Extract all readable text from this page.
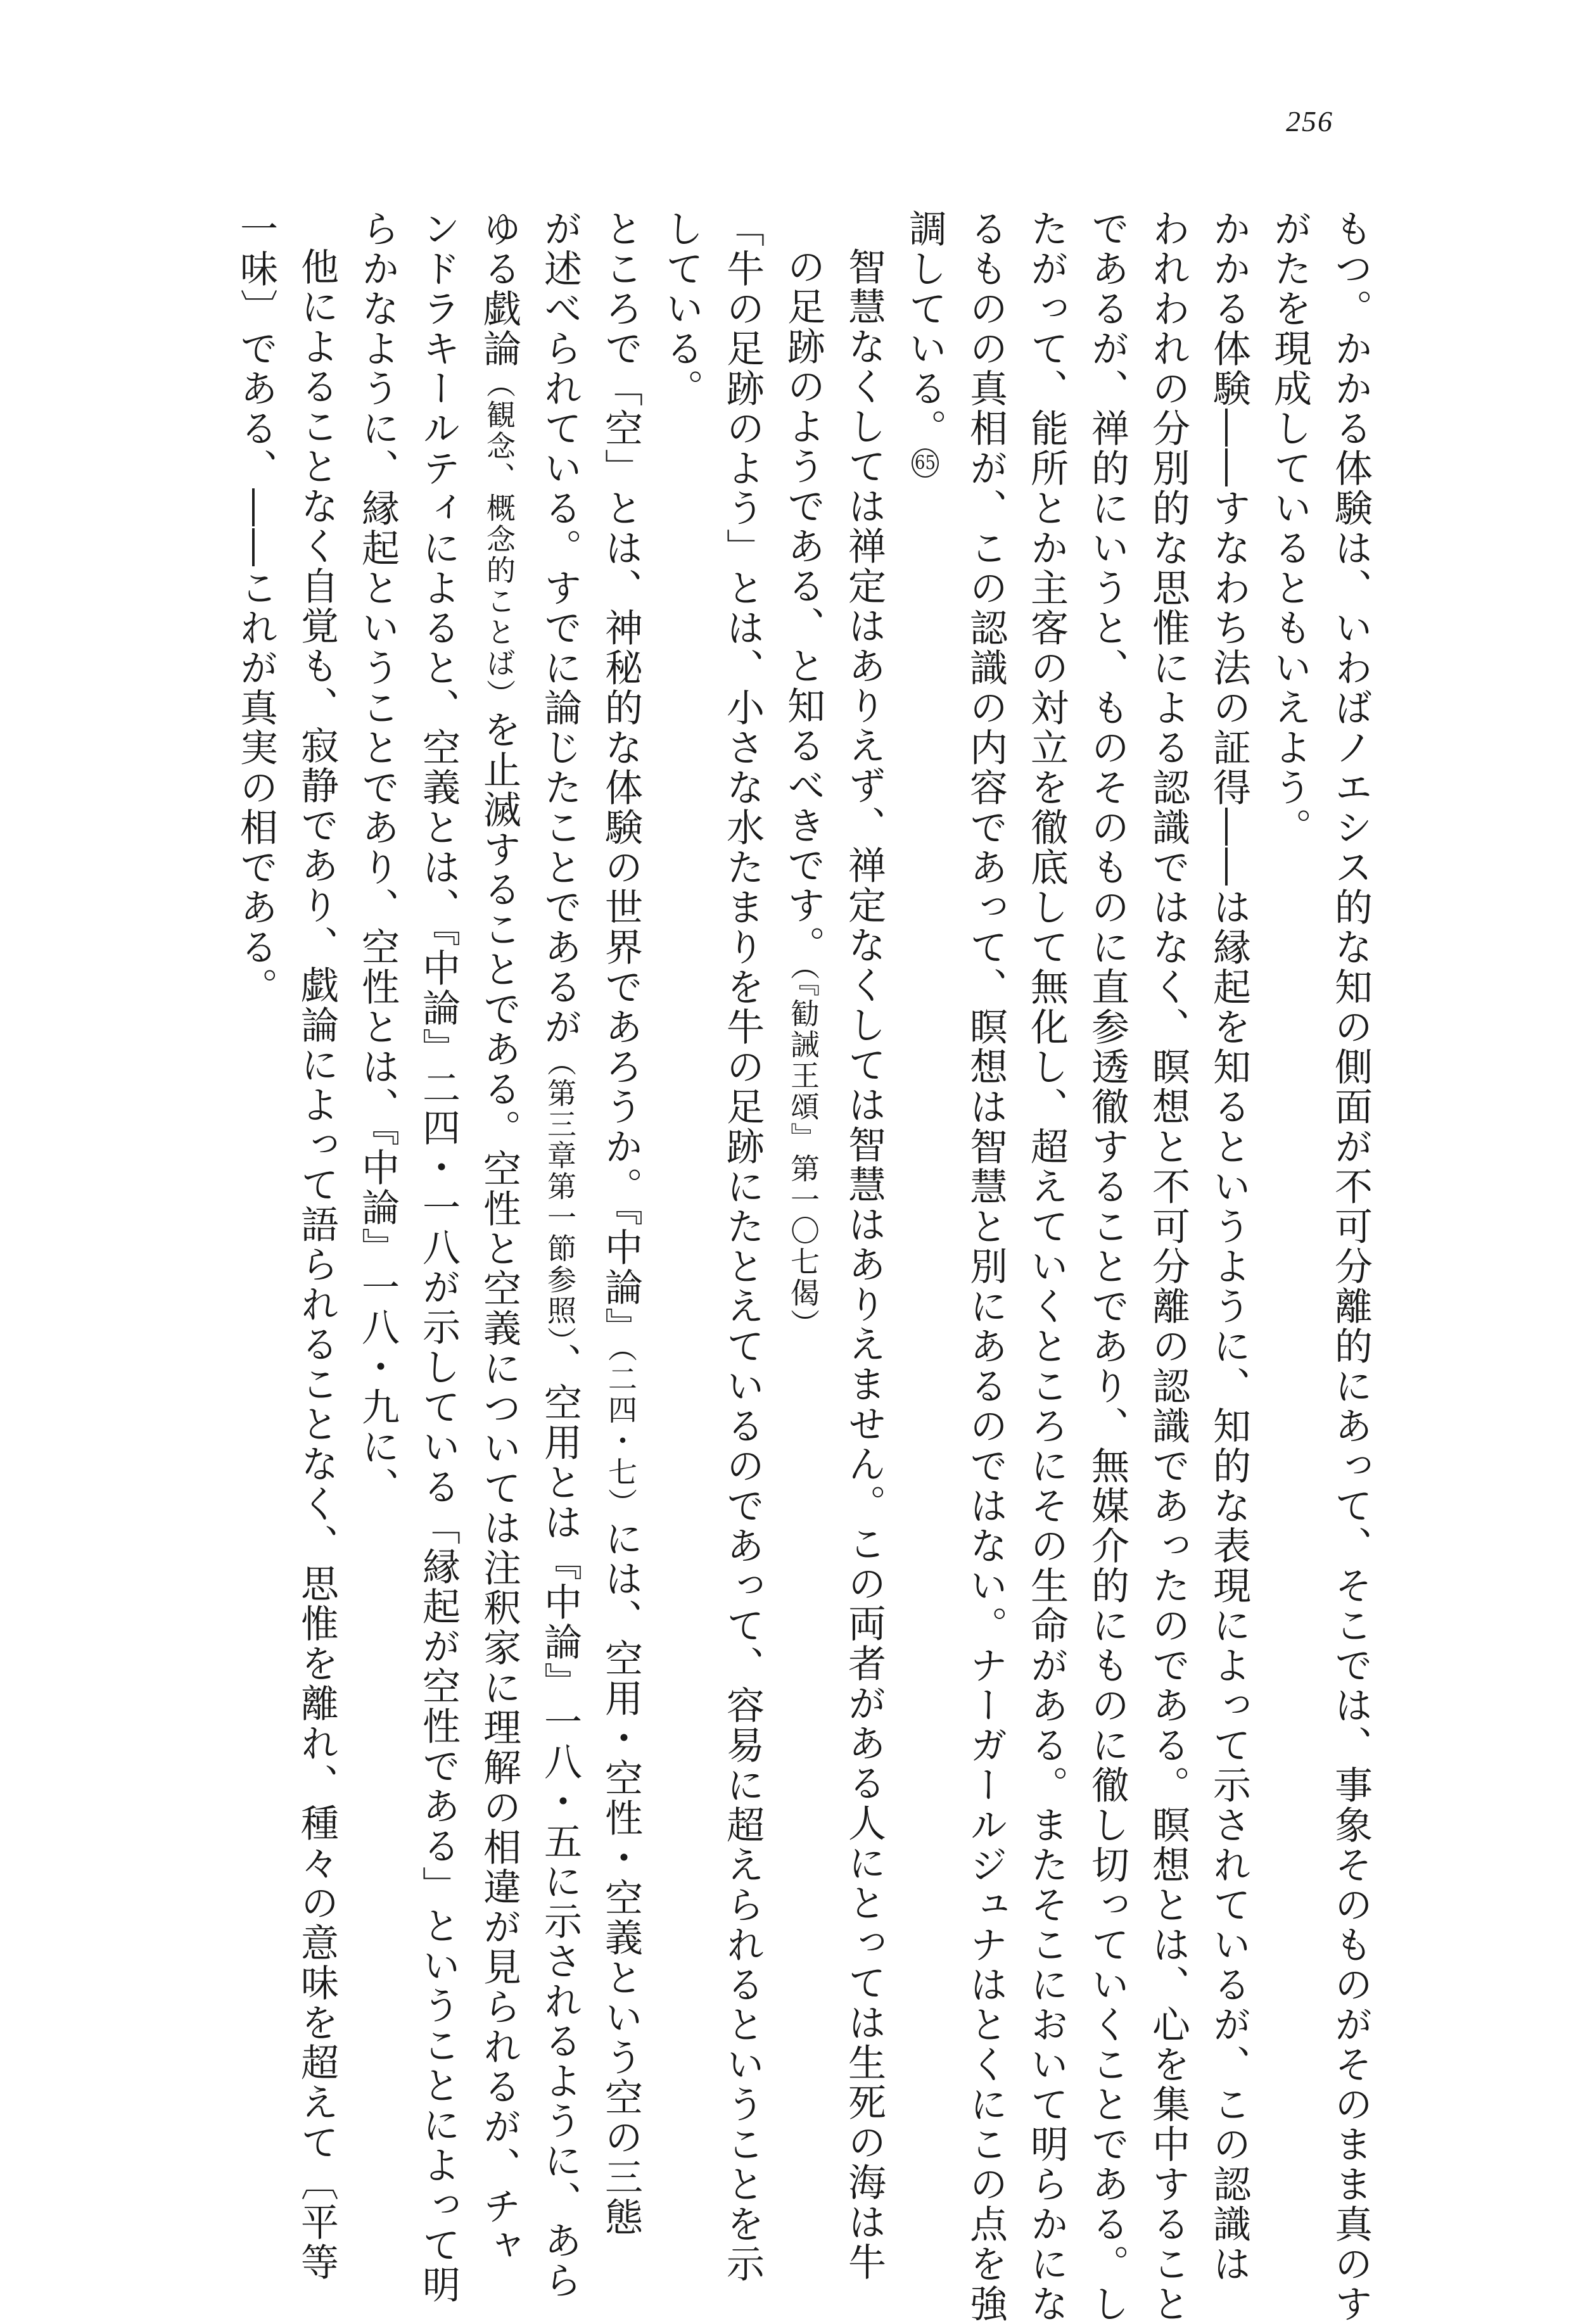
256
もつ。かかる体験は、いわばノエシス的な知の側面が不可分離的にあって、そこでは、事象そのものがそのまま真のす
がたを現成しているともいえよう。
かかる体験――すなわち法の証得――は縁起を知るというように、知的な表現によって示されているが、この認識は
われわれの分別的な思惟による認識ではなく、瞑想と不可分離の認識であったのである。瞑想とは、心を集中すること
であるが、禅的にいうと、ものそのものに直参透徹することであり、無媒介的にものに徹し切っていくことである。し
たがって、能所とか主客の対立を徹底して無化し、超えていくところにその生命がある。またそこにおいて明らかにな
るものの真相が、この認識の内容であって、瞑想は智慧と別にあるのではない。ナーガールジュナはとくにこの点を強
調している。65
智慧なくしては禅定はありえず、禅定なくしては智慧はありえません。この両者がある人にとっては生死の海は牛
の足跡のようである、と知るべきです。（『勧誡王頌』第一〇七偈）
「牛の足跡のよう」とは、小さな水たまりを牛の足跡にたとえているのであって、容易に超えられるということを示
している。
ところで「空」とは、神秘的な体験の世界であろうか。『中論』（二四・七）には、空用・空性・空義という空の三態
が述べられている。すでに論じたことであるが（第三章第一節参照）、空用とは『中論』一八・五に示されるように、あら
ゆる戯論（観念、概念的ことば）を止滅することである。空性と空義については注釈家に理解の相違が見られるが、チャ
ンドラキールティによると、空義とは、『中論』二四・一八が示している「縁起が空性である」ということによって明
らかなように、縁起ということであり、空性とは、『中論』一八・九に、
他によることなく自覚も、寂静であり、戯論によって語られることなく、思惟を離れ、種々の意味を超えて〔平等
一味〕である、――これが真実の相である。
